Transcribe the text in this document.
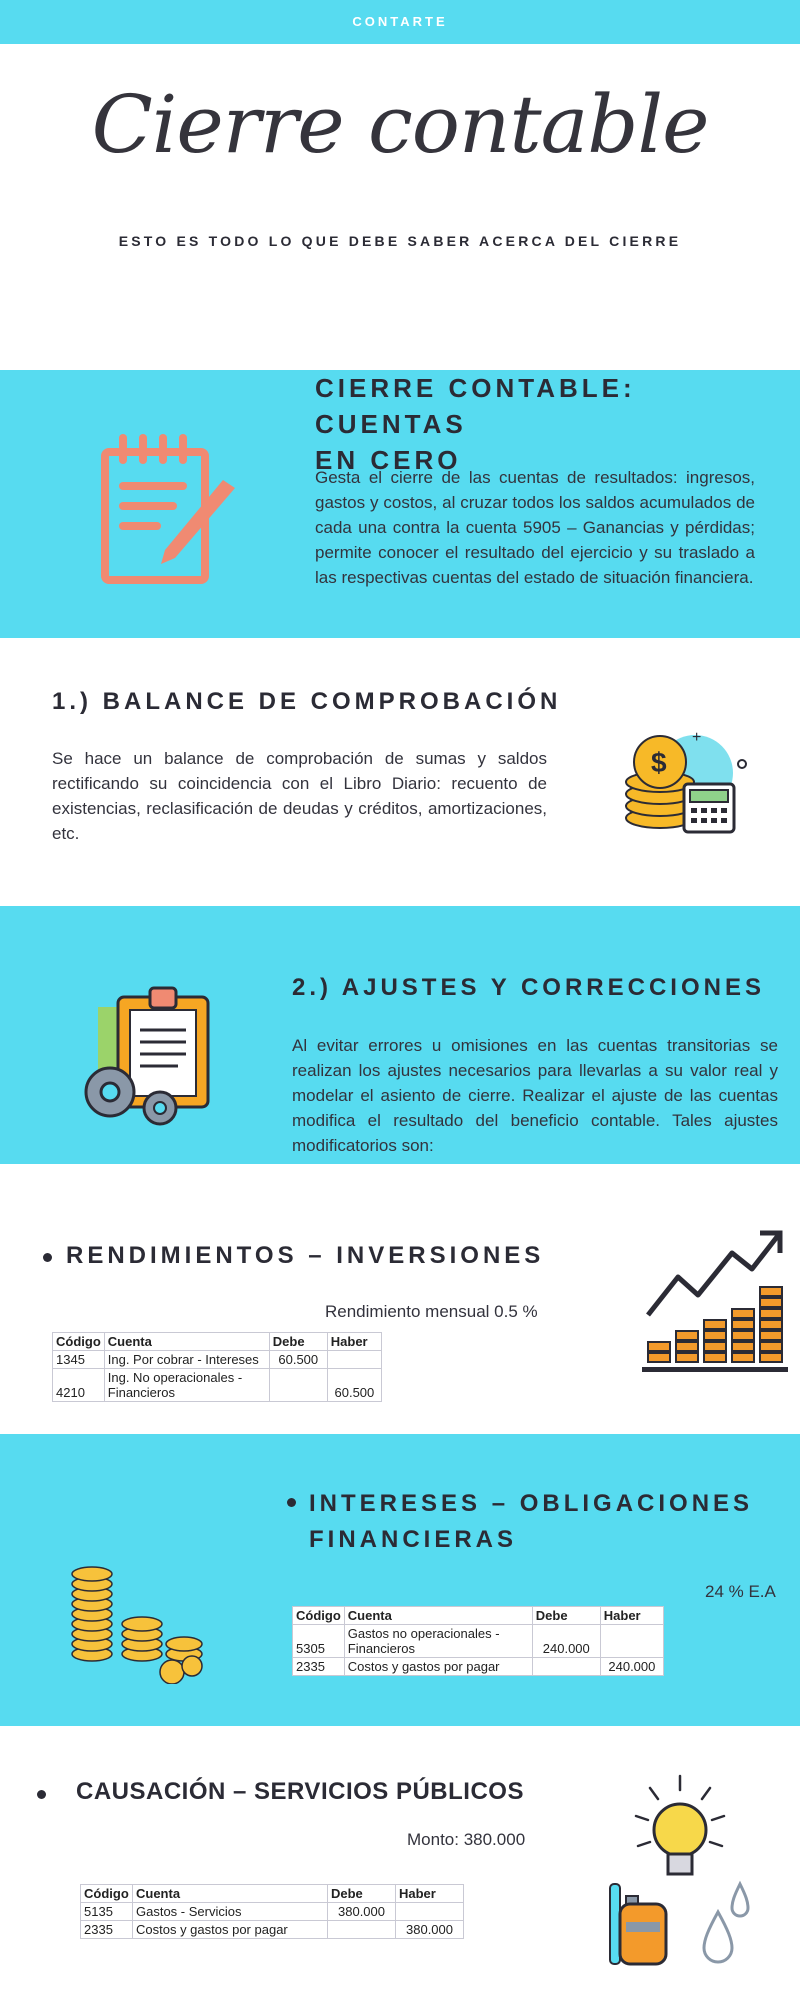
CONTARTE
Cierre contable
ESTO ES TODO LO QUE DEBE SABER ACERCA DEL CIERRE
CIERRE CONTABLE: CUENTAS
EN CERO
Gesta el cierre de las cuentas de resultados: ingresos, gastos y costos, al cruzar todos los saldos acumulados de cada una contra la cuenta 5905 – Ganancias y pérdidas; permite conocer el resultado del ejercicio y su traslado a las respectivas cuentas del estado de situación financiera.
1.) BALANCE DE COMPROBACIÓN
Se hace un balance de comprobación de sumas y saldos rectificando su coincidencia con el Libro Diario: recuento de existencias, reclasificación de deudas y créditos, amortizaciones, etc.
$
+
2.) AJUSTES Y CORRECCIONES
Al evitar errores u omisiones en las cuentas transitorias se realizan los ajustes necesarios para llevarlas a su valor real y modelar el asiento de cierre. Realizar el ajuste de las cuentas modifica el resultado del beneficio contable. Tales ajustes modificatorios son:
RENDIMIENTOS – INVERSIONES
Rendimiento mensual 0.5 %
Código	Cuenta	Debe	Haber
1345	Ing. Por cobrar - Intereses	60.500	
4210	Ing. No operacionales - Financieros		60.500
INTERESES – OBLIGACIONES
FINANCIERAS
24 % E.A
Código	Cuenta	Debe	Haber
5305	Gastos no operacionales - Financieros	240.000	
2335	Costos y gastos por pagar		240.000
CAUSACIÓN – SERVICIOS PÚBLICOS
Monto: 380.000
Código	Cuenta	Debe	Haber
5135	Gastos - Servicios	380.000	
2335	Costos y gastos por pagar		380.000
